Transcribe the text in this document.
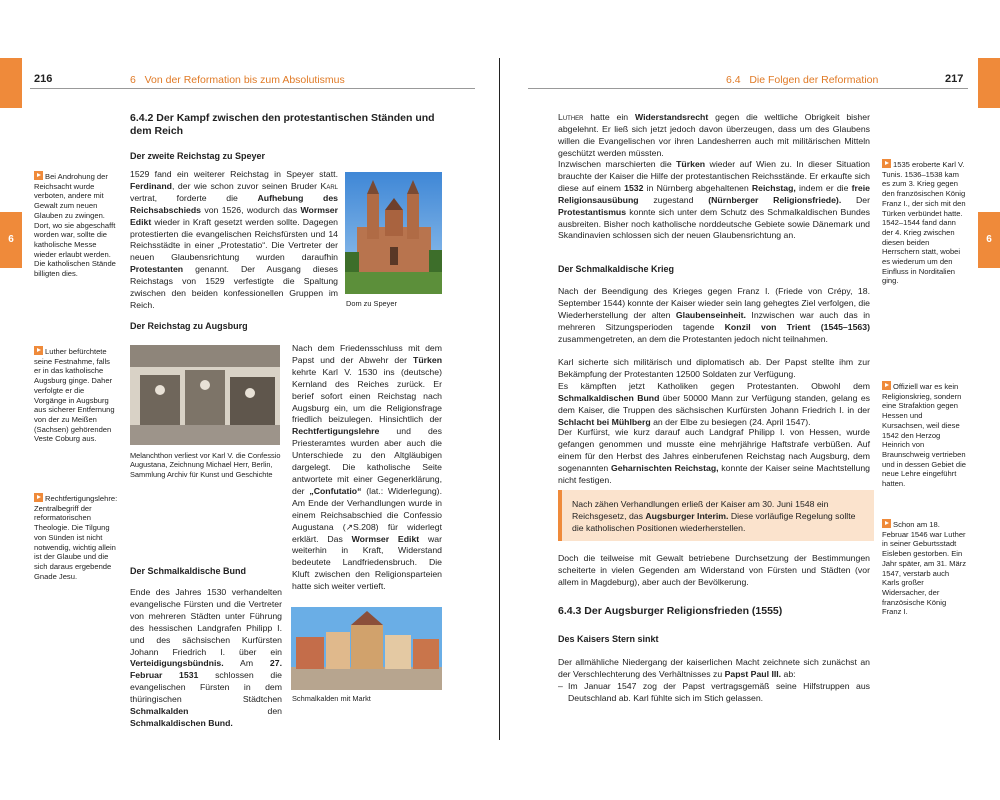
6
216	6   Von der Reformation bis zum Absolutismus
6.4.2 Der Kampf zwischen den protestantischen Ständen und dem Reich
Der zweite Reichstag zu Speyer

1529 fand ein weiterer Reichstag in Speyer statt. Ferdinand, der wie schon zuvor seinen Bruder Karl vertrat, forderte die Aufhebung des Reichsabschieds von 1526, wodurch das Wormser Edikt wieder in Kraft gesetzt werden sollte. Dagegen protestierten die evangelischen Reichsfürsten und 14 Reichsstädte in einer „Protestatio“. Die Vertreter der neuen Glaubensrichtung wurden daraufhin Protestanten genannt. Der Ausgang dieses Reichstags von 1529 verfestigte die Spaltung zwischen den beiden konfessionellen Gruppen im Reich.	Dom zu Speyer

Der Reichstag zu Augsburg

Melanchthon verliest vor Karl V. die Confessio Augustana, Zeichnung Michael Herr, Berlin, Sammlung Archiv für Kunst und Geschichte

Nach dem Friedensschluss mit dem Papst und der Abwehr der Türken kehrte Karl V. 1530 ins (deutsche) Kernland des Reiches zurück. Er berief sofort einen Reichstag nach Augsburg ein, um die Religionsfrage friedlich beizulegen. Hinsichtlich der Rechtfertigungslehre und des Priesteramtes wurden aber auch die Unterschiede zu den Altgläubigen dargelegt. Die katholische Seite antwortete mit einer Gegenerklärung, der „Confutatio“ (lat.: Widerlegung). Am Ende der Verhandlungen wurde in einem Reichsabschied die Confessio Augustana (↗S.208) für widerlegt erklärt. Das Wormser Edikt war weiterhin in Kraft, Widerstand bedeutete Landfriedensbruch. Die Kluft zwischen den Religionsparteien hatte sich weiter vertieft.

Der Schmalkaldische Bund

Ende des Jahres 1530 verhandelten evangelische Fürsten und die Vertreter von mehreren Städten unter Führung des hessischen Landgrafen Philipp I. und des sächsischen Kurfürsten Johann Friedrich I. über ein Verteidigungsbündnis. Am 27. Februar 1531 schlossen die evangelischen Fürsten in dem thüringischen Städtchen Schmalkalden den Schmalkaldischen Bund.

Schmalkalden mit Markt

Bei Androhung der Reichsacht wurde verboten, andere mit Gewalt zum neuen Glauben zu zwingen. Dort, wo sie abgeschafft worden war, sollte die katholische Messe wieder erlaubt werden. Die katholischen Stände billigten dies.

Luther befürchtete seine Festnahme, falls er in das katholische Augsburg ginge. Daher verfolgte er die Vorgänge in Augsburg aus sicherer Entfernung von der zu Meißen (Sachsen) gehörenden Veste Coburg aus.

Rechtfertigungslehre: Zentralbegriff der reformatorischen Theologie. Die Tilgung von Sünden ist nicht notwendig, wichtig allein ist der Glaube und die sich daraus ergebende Gnade Jesu.

6
6.4   Die Folgen der Reformation	217

Luther hatte ein Widerstandsrecht gegen die weltliche Obrigkeit bisher abgelehnt. Er ließ sich jetzt jedoch davon überzeugen, dass um des Glaubens willen die Evangelischen vor ihren Landesherren auch mit militärischen Mitteln geschützt werden müssten.

Inzwischen marschierten die Türken wieder auf Wien zu. In dieser Situation brauchte der Kaiser die Hilfe der protestantischen Reichsstände. Er erkaufte sich diese auf einem 1532 in Nürnberg abgehaltenen Reichstag, indem er die freie Religionsausübung zugestand (Nürnberger Religionsfriede). Der Protestantismus konnte sich unter dem Schutz des Schmalkaldischen Bundes ausbreiten. Bisher noch katholische norddeutsche Gebiete sowie Dänemark und Skandinavien schlossen sich der neuen Glaubensrichtung an.

Der Schmalkaldische Krieg

Nach der Beendigung des Krieges gegen Franz I. (Friede von Crépy, 18. September 1544) konnte der Kaiser wieder sein lang gehegtes Ziel verfolgen, die Wiederherstellung der alten Glaubenseinheit. Inzwischen war auch das in mehreren Sitzungsperioden tagende Konzil von Trient (1545–1563) zusammengetreten, an dem die Protestanten jedoch nicht teilnahmen.

Karl sicherte sich militärisch und diplomatisch ab. Der Papst stellte ihm zur Bekämpfung der Protestanten 12500 Soldaten zur Verfügung.

Es kämpften jetzt Katholiken gegen Protestanten. Obwohl dem Schmalkaldischen Bund über 50000 Mann zur Verfügung standen, gelang es dem Kaiser, die Truppen des sächsischen Kurfürsten Johann Friedrich I. in der Schlacht bei Mühlberg an der Elbe zu besiegen (24. April 1547).

Der Kurfürst, wie kurz darauf auch Landgraf Philipp I. von Hessen, wurde gefangen genommen und musste eine mehrjährige Haftstrafe verbüßen. Auf einem für den Herbst des Jahres einberufenen Reichstag nach Augsburg, dem sogenannten Geharnischten Reichstag, konnte der Kaiser seine Machtstellung nicht festigen.

Nach zähen Verhandlungen erließ der Kaiser am 30. Juni 1548 ein Reichsgesetz, das Augsburger Interim. Diese vorläufige Regelung sollte die katholischen Positionen wiederherstellen.

Doch die teilweise mit Gewalt betriebene Durchsetzung der Bestimmungen scheiterte in vielen Gegenden am Widerstand von Fürsten und Städten (vor allem in Magdeburg), aber auch der Bevölkerung.

6.4.3 Der Augsburger Religionsfrieden (1555)
Des Kaisers Stern sinkt

Der allmähliche Niedergang der kaiserlichen Macht zeichnete sich zunächst an der Verschlechterung des Verhältnisses zu Papst Paul III. ab:

– Im Januar 1547 zog der Papst vertragsgemäß seine Hilfstruppen aus Deutschland ab. Karl fühlte sich im Stich gelassen.

1535 eroberte Karl V. Tunis. 1536–1538 kam es zum 3. Krieg gegen den französischen König Franz I., der sich mit den Türken verbündet hatte. 1542–1544 fand dann der 4. Krieg zwischen diesen beiden Herrschern statt, wobei es wiederum um den Einfluss in Norditalien ging.

Offiziell war es kein Religionskrieg, sondern eine Strafaktion gegen Hessen und Kursachsen, weil diese 1542 den Herzog Heinrich von Braunschweig vertrieben und in dessen Gebiet die neue Lehre eingeführt hatten.

Schon am 18. Februar 1546 war Luther in seiner Geburtsstadt Eisleben gestorben. Ein Jahr später, am 31. März 1547, verstarb auch Karls großer Widersacher, der französische König Franz I.
